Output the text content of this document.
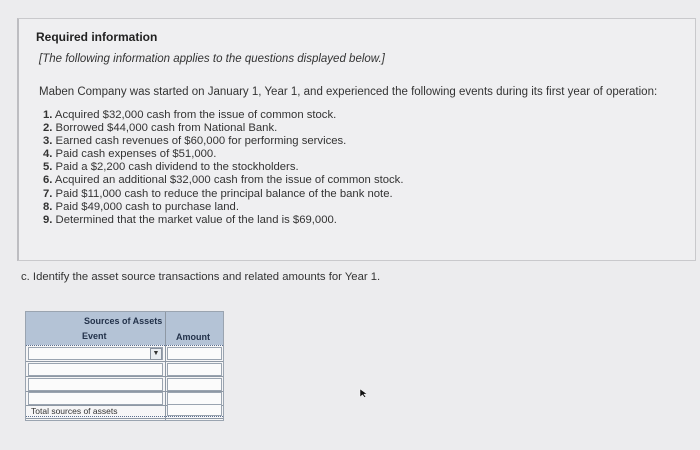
Required information
[The following information applies to the questions displayed below.]
Maben Company was started on January 1, Year 1, and experienced the following events during its first year of operation:
1. Acquired $32,000 cash from the issue of common stock.
2. Borrowed $44,000 cash from National Bank.
3. Earned cash revenues of $60,000 for performing services.
4. Paid cash expenses of $51,000.
5. Paid a $2,200 cash dividend to the stockholders.
6. Acquired an additional $32,000 cash from the issue of common stock.
7. Paid $11,000 cash to reduce the principal balance of the bank note.
8. Paid $49,000 cash to purchase land.
9. Determined that the market value of the land is $69,000.
c. Identify the asset source transactions and related amounts for Year 1.
Sources of Assets
Event	Amount
▼
Total sources of assets
